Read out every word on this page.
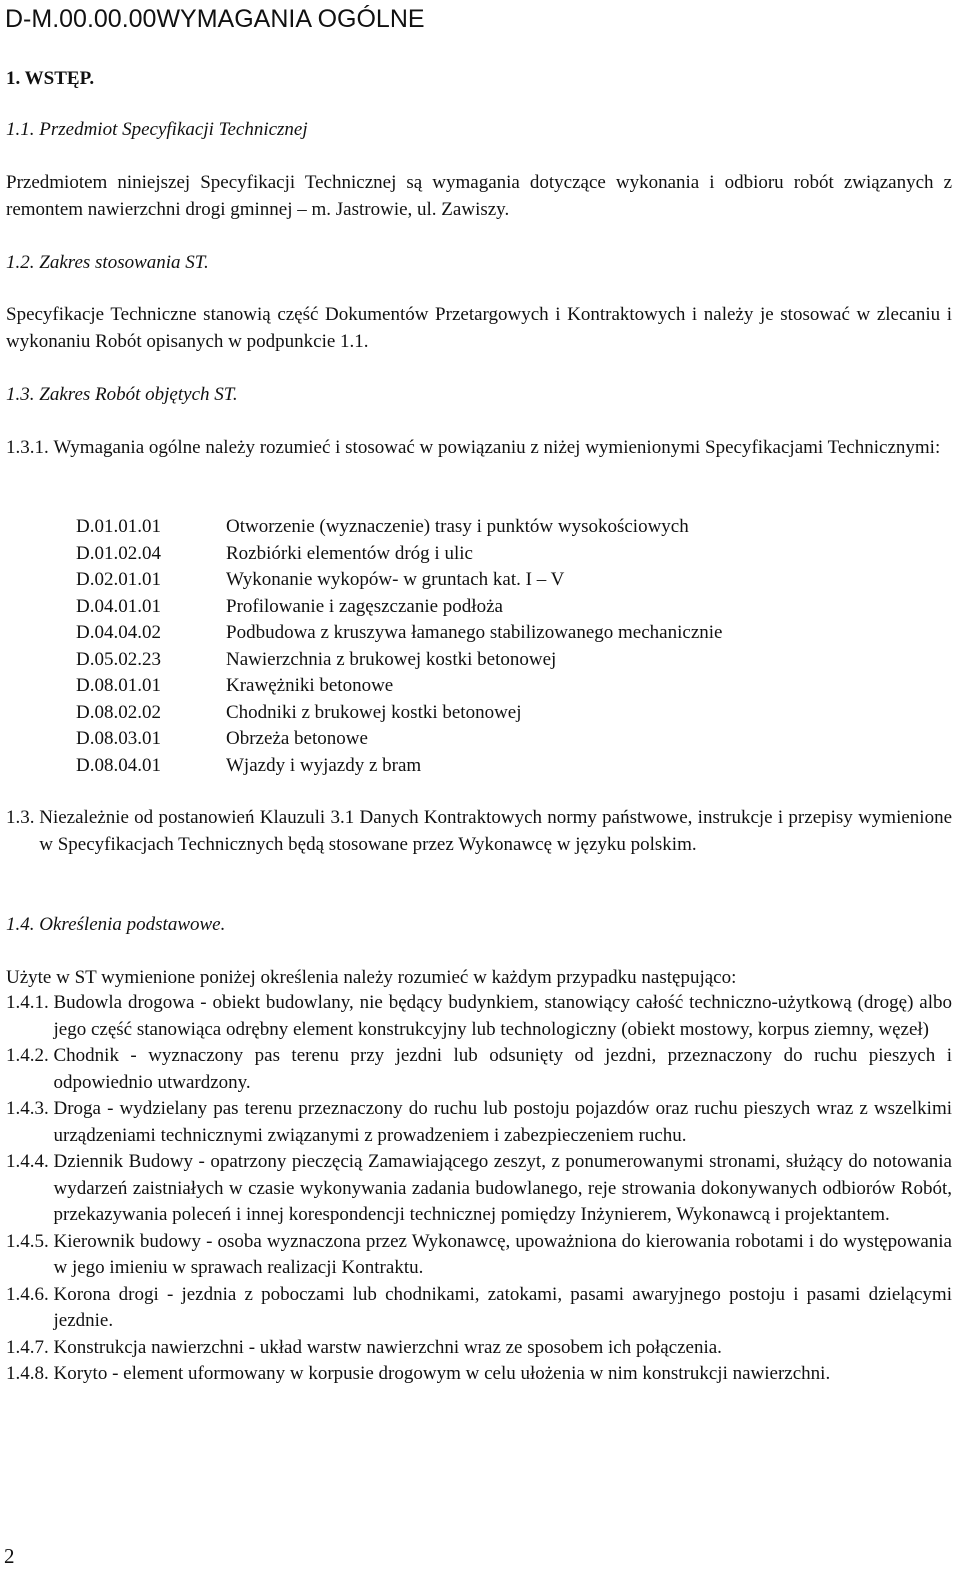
D-M.00.00.00WYMAGANIA OGÓLNE
1. WSTĘP.
1.1. Przedmiot Specyfikacji Technicznej
Przedmiotem niniejszej Specyfikacji Technicznej są wymagania dotyczące wykonania i odbioru robót związanych z remontem nawierzchni drogi gminnej – m. Jastrowie, ul. Zawiszy.
1.2. Zakres stosowania ST.
Specyfikacje Techniczne stanowią część Dokumentów Przetargowych i Kontraktowych i należy je stosować w zlecaniu i wykonaniu Robót opisanych w podpunkcie 1.1.
1.3. Zakres Robót objętych ST.
1.3.1. Wymagania ogólne należy rozumieć i stosować w powiązaniu z niżej wymienionymi Specyfikacjami Technicznymi:
D.01.01.01	Otworzenie (wyznaczenie) trasy i punktów wysokościowych
D.01.02.04	Rozbiórki elementów dróg i ulic
D.02.01.01	Wykonanie wykopów- w gruntach kat. I – V
D.04.01.01	Profilowanie i zagęszczanie podłoża
D.04.04.02	Podbudowa z kruszywa łamanego stabilizowanego mechanicznie
D.05.02.23	Nawierzchnia z brukowej kostki betonowej
D.08.01.01	Krawężniki betonowe
D.08.02.02	Chodniki z brukowej kostki betonowej
D.08.03.01	Obrzeża betonowe
D.08.04.01	Wjazdy i wyjazdy z bram
1.3. Niezależnie od postanowień Klauzuli 3.1 Danych Kontraktowych normy państwowe, instrukcje i przepisy wymienione w Specyfikacjach Technicznych będą stosowane przez Wykonawcę w języku polskim.
1.4. Określenia podstawowe.
Użyte w ST wymienione poniżej określenia należy rozumieć w każdym przypadku następująco:
1.4.1. Budowla drogowa - obiekt budowlany, nie będący budynkiem, stanowiący całość techniczno-użytkową (drogę) albo jego część stanowiąca odrębny element konstrukcyjny lub technologiczny (obiekt mostowy, korpus ziemny, węzeł)
1.4.2. Chodnik - wyznaczony pas terenu przy jezdni lub odsunięty od jezdni, przeznaczony do ruchu pieszych i odpowiednio utwardzony.
1.4.3. Droga - wydzielany pas terenu przeznaczony do ruchu lub postoju pojazdów oraz ruchu pieszych wraz z wszelkimi urządzeniami technicznymi związanymi z prowadzeniem i zabezpieczeniem ruchu.
1.4.4. Dziennik Budowy - opatrzony pieczęcią Zamawiającego zeszyt, z ponumerowanymi stronami, służący do notowania wydarzeń zaistniałych w czasie wykonywania zadania budowlanego, reje strowania dokonywanych odbiorów Robót, przekazywania poleceń i innej korespondencji technicznej pomiędzy Inżynierem, Wykonawcą i projektantem.
1.4.5. Kierownik budowy - osoba wyznaczona przez Wykonawcę, upoważniona do kierowania robotami i do występowania w jego imieniu w sprawach realizacji Kontraktu.
1.4.6. Korona drogi - jezdnia z poboczami lub chodnikami, zatokami, pasami awaryjnego postoju i pasami dzielącymi jezdnie.
1.4.7. Konstrukcja nawierzchni - układ warstw nawierzchni wraz ze sposobem ich połączenia.
1.4.8. Koryto - element uformowany w korpusie drogowym w celu ułożenia w nim konstrukcji nawierzchni.
2
